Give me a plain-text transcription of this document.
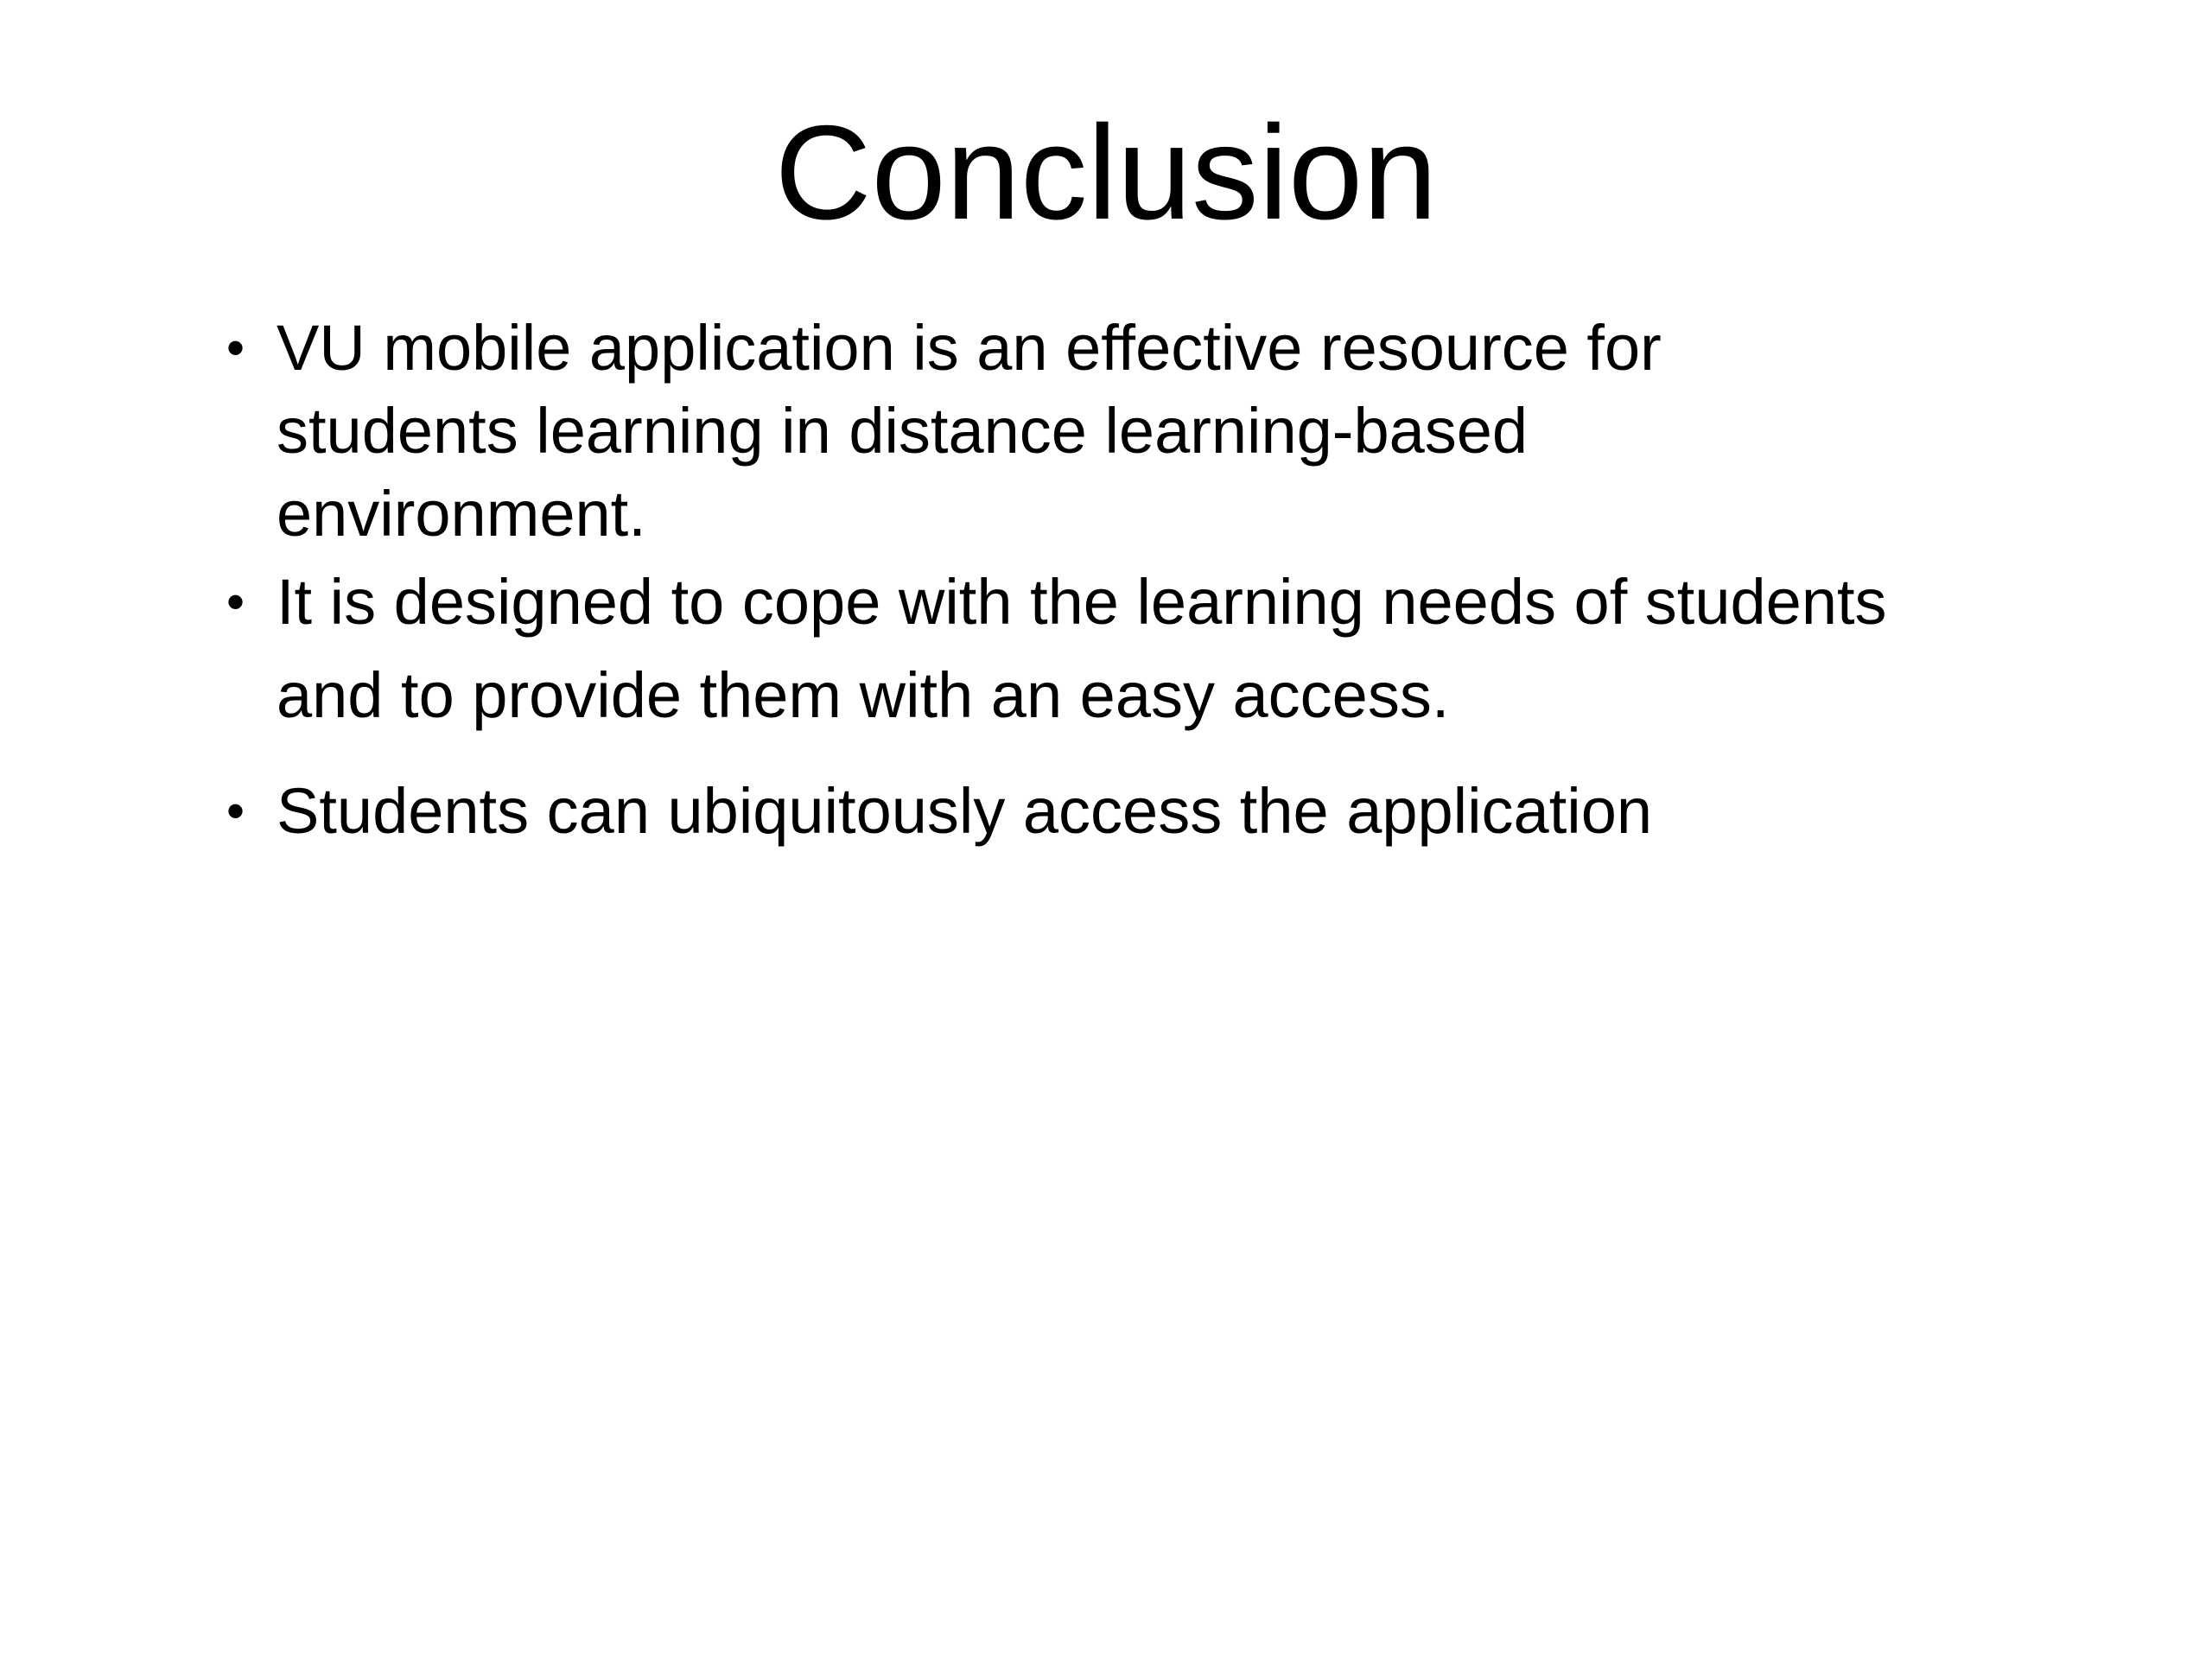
Conclusion
• VU mobile application is an effective resource for students learning in distance learning-based environment.
• It is designed to cope with the learning needs of students and to provide them with an easy access.
• Students can ubiquitously access the application
